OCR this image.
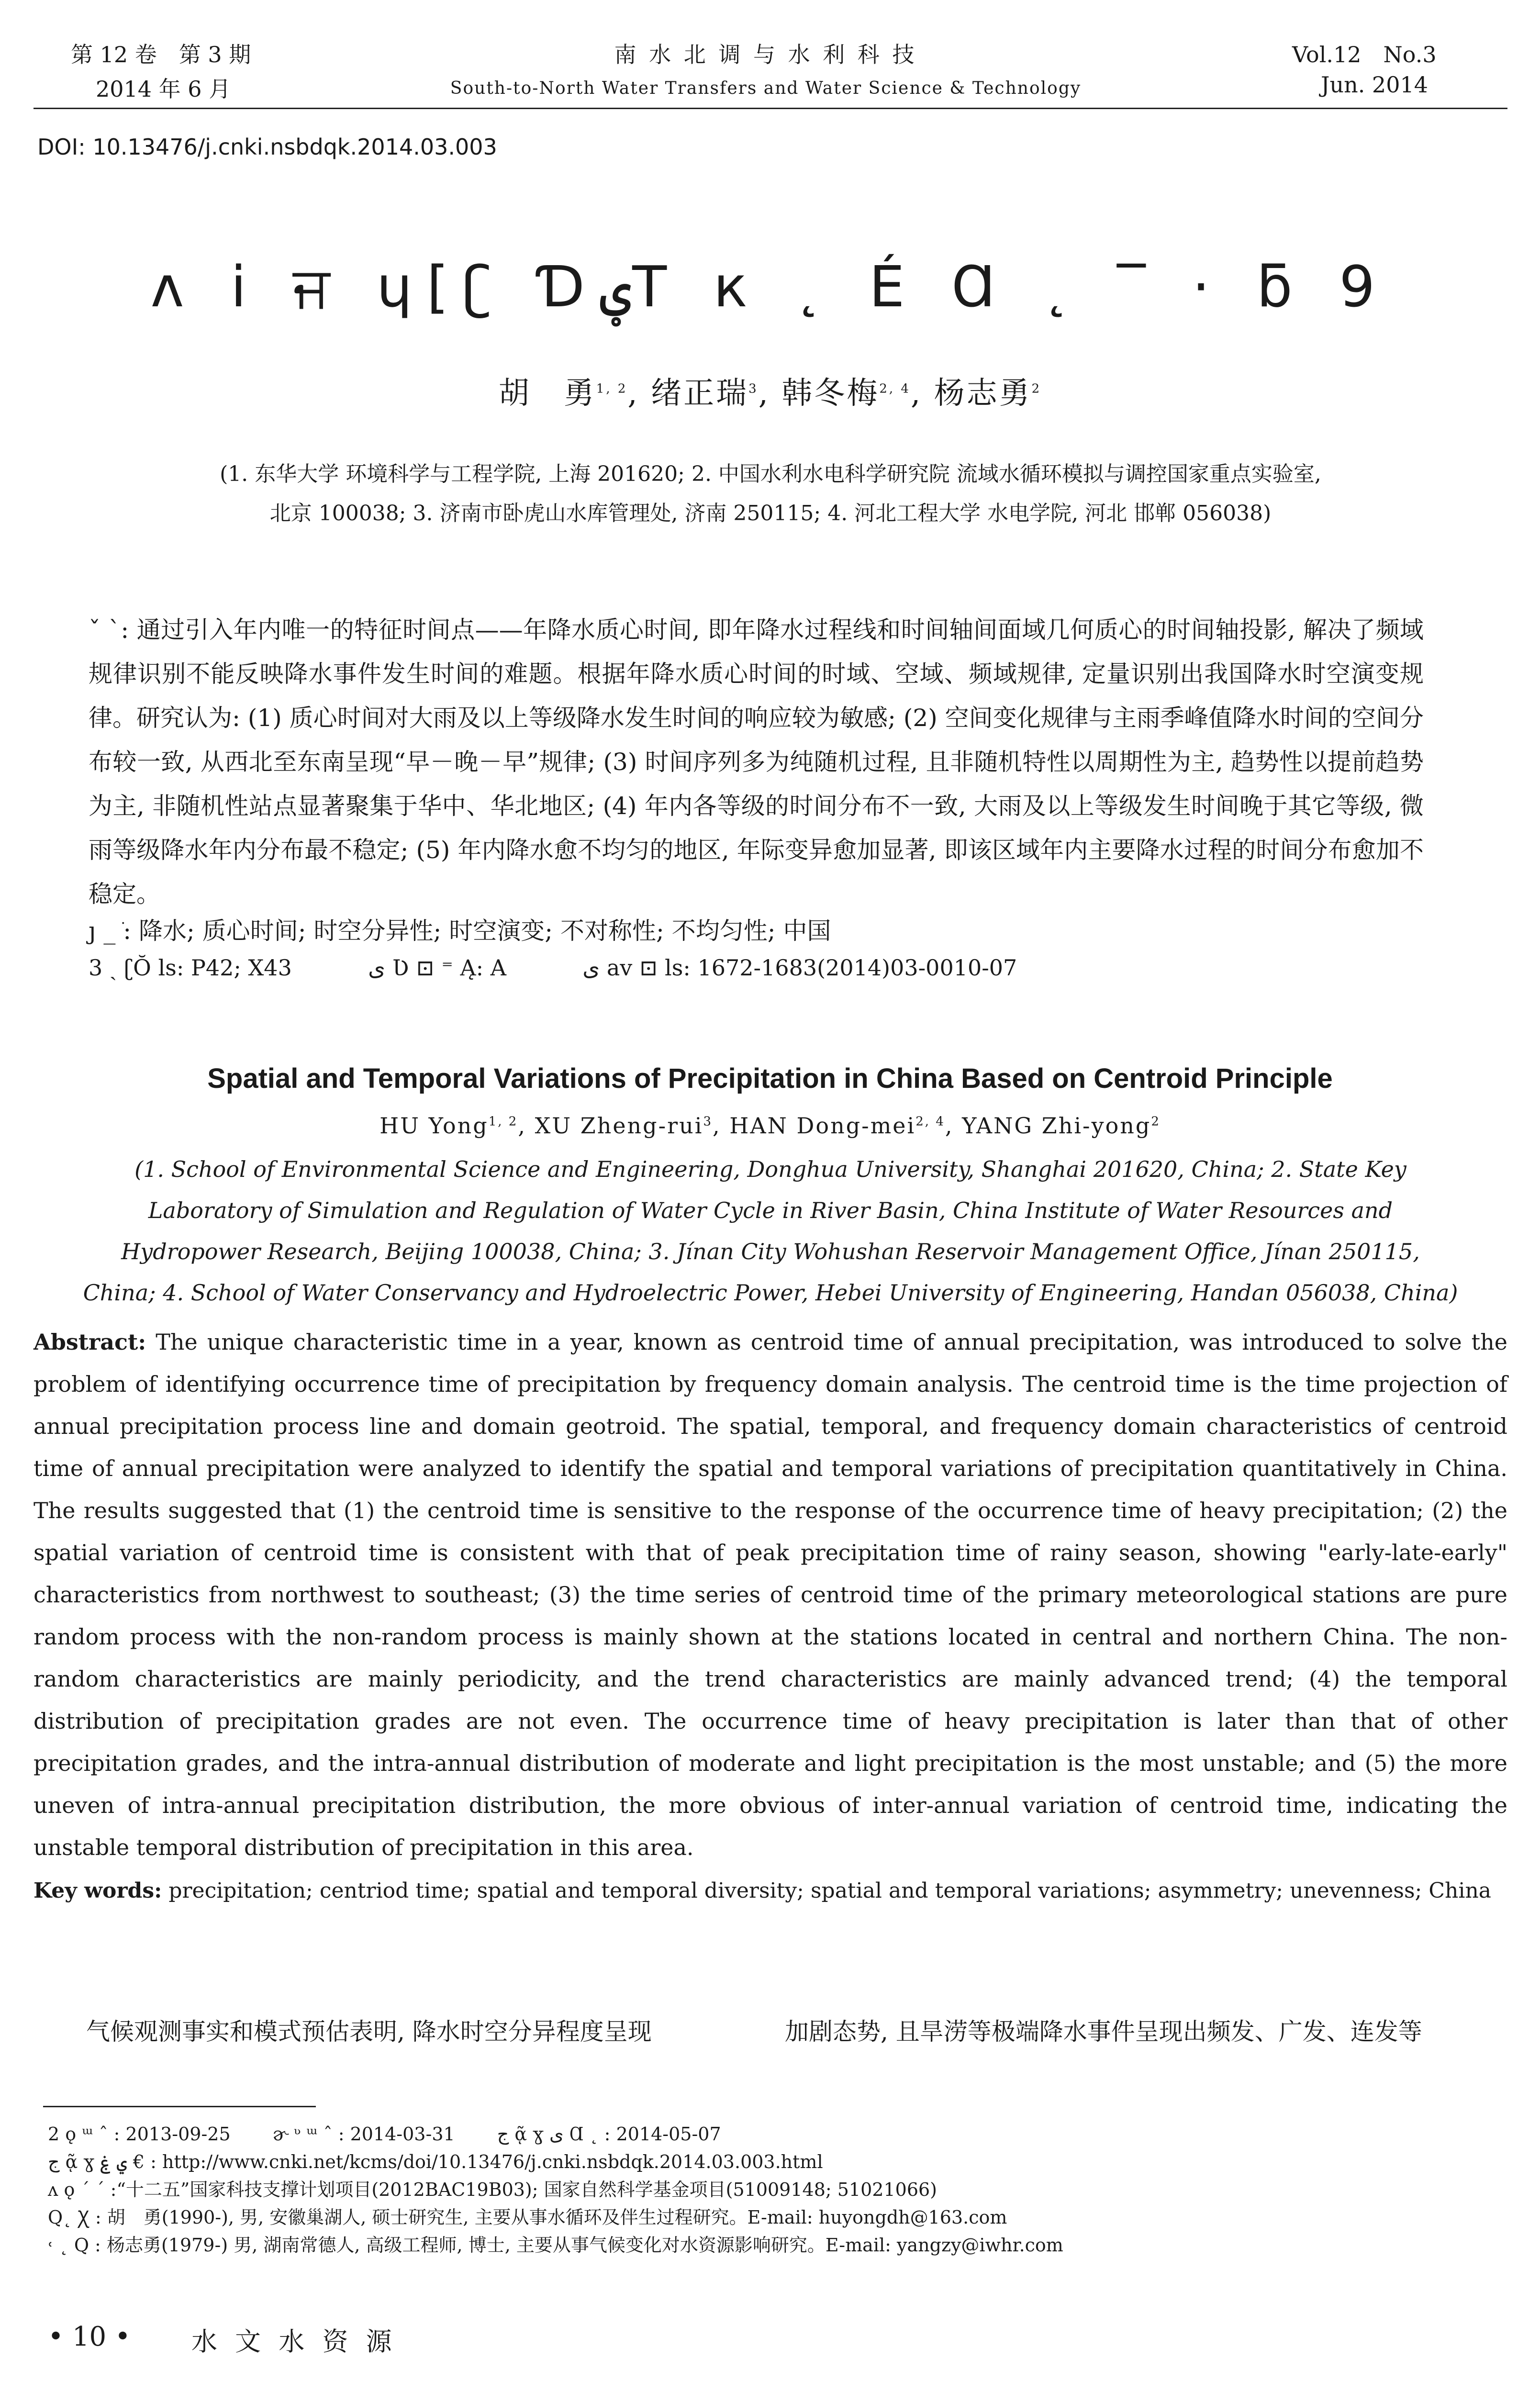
第 12 卷　第 3 期
2014 年 6 月
南 水 北 调 与 水 利 科 技
South-to-North Water Transfers and Water Science & Technology
Vol.12　No.3
Jun. 2014
DOI: 10.13476/j.cnki.nsbdqk.2014.03.003
ʌ i ਜ ɥ[ʗ ƊؠT к ˛ É Ɑ ˛ ‾ · ƃ 9
胡　勇$^{1, 2}$, 绪正瑞$^3$, 韩冬梅$^{2, 4}$, 杨志勇$^2$
(1. 东华大学 环境科学与工程学院, 上海 201620; 2. 中国水利水电科学研究院 流域水循环模拟与调控国家重点实验室,
北京 100038; 3. 济南市卧虎山水库管理处, 济南 250115; 4. 河北工程大学 水电学院, 河北 邯郸 056038)
ˇ ˋ: 通过引入年内唯一的特征时间点——年降水质心时间, 即年降水过程线和时间轴间面域几何质心的时间轴投影, 解决了频域规律识别不能反映降水事件发生时间的难题。根据年降水质心时间的时域、空域、频域规律, 定量识别出我国降水时空演变规律。研究认为: (1) 质心时间对大雨及以上等级降水发生时间的响应较为敏感; (2) 空间变化规律与主雨季峰值降水时间的空间分布较一致, 从西北至东南呈现“早－晚－早”规律; (3) 时间序列多为纯随机过程, 且非随机特性以周期性为主, 趋势性以提前趋势为主, 非随机性站点显著聚集于华中、华北地区; (4) 年内各等级的时间分布不一致, 大雨及以上等级发生时间晚于其它等级, 微雨等级降水年内分布最不稳定; (5) 年内降水愈不均匀的地区, 年际变异愈加显著, 即该区域年内主要降水过程的时间分布愈加不稳定。
ȷ _ ֺ: 降水; 质心时间; 时空分异性; 时空演变; 不对称性; 不均匀性; 中国
3 ˎ ʗŎ ls: P42; X43	ی Ʋ ⊡ ⁼ Ą: A	ی av ⊡ ls: 1672-1683(2014)03-0010-07
Spatial and Temporal Variations of Precipitation in China Based on Centroid Principle
HU Yong$^{1, 2}$, XU Zheng-rui$^3$, HAN Dong-mei$^{2, 4}$, YANG Zhi-yong$^2$
(1. School of Environmental Science and Engineering, Donghua University, Shanghai 201620, China; 2. State Key
Laboratory of Simulation and Regulation of Water Cycle in River Basin, China Institute of Water Resources and
Hydropower Research, Beijing 100038, China; 3. Jínan City Wohushan Reservoir Management Office, Jínan 250115,
China; 4. School of Water Conservancy and Hydroelectric Power, Hebei University of Engineering, Handan 056038, China)
Abstract: The unique characteristic time in a year, known as centroid time of annual precipitation, was introduced to solve the problem of identifying occurrence time of precipitation by frequency domain analysis. The centroid time is the time projection of annual precipitation process line and domain geotroid. The spatial, temporal, and frequency domain characteristics of centroid time of annual precipitation were analyzed to identify the spatial and temporal variations of precipitation quantitatively in China. The results suggested that (1) the centroid time is sensitive to the response of the occurrence time of heavy precipitation; (2) the spatial variation of centroid time is consistent with that of peak precipitation time of rainy season, showing "early-late-early" characteristics from northwest to southeast; (3) the time series of centroid time of the primary meteorological stations are pure random process with the non-random process is mainly shown at the stations located in central and northern China. The non-random characteristics are mainly periodicity, and the trend characteristics are mainly advanced trend; (4) the temporal distribution of precipitation grades are not even. The occurrence time of heavy precipitation is later than that of other precipitation grades, and the intra-annual distribution of moderate and light precipitation is the most unstable; and (5) the more uneven of intra-annual precipitation distribution, the more obvious of inter-annual variation of centroid time, indicating the unstable temporal distribution of precipitation in this area.
Key words: precipitation; centriod time; spatial and temporal diversity; spatial and temporal variations; asymmetry; unevenness; China
气候观测事实和模式预估表明, 降水时空分异程度呈现	加剧态势, 且旱涝等极端降水事件呈现出频发、广发、连发等
2 ǫ ᵚ ˆ : 2013-09-25　　 ɚ ᶹ ᵚ ˆ : 2014-03-31　　 ج ᾷ ɣ ی Ɑ ˛ : 2014-05-07
ج ᾷ ɣ ي ۼ € : http://www.cnki.net/kcms/doi/10.13476/j.cnki.nsbdqk.2014.03.003.html
ʌ ǫ ˊ ˊ :“十二五”国家科技支撑计划项目(2012BAC19B03); 国家自然科学基金项目(51009148; 51021066)
Q˛ Ꭓ : 胡　勇(1990-), 男, 安徽巢湖人, 硕士研究生, 主要从事水循环及伴生过程研究。E-mail: huyongdh@163.com
˓ ˛ Q : 杨志勇(1979-) 男, 湖南常德人, 高级工程师, 博士, 主要从事气候变化对水资源影响研究。E-mail: yangzy@iwhr.com
• 10 • 水 文 水 资 源
